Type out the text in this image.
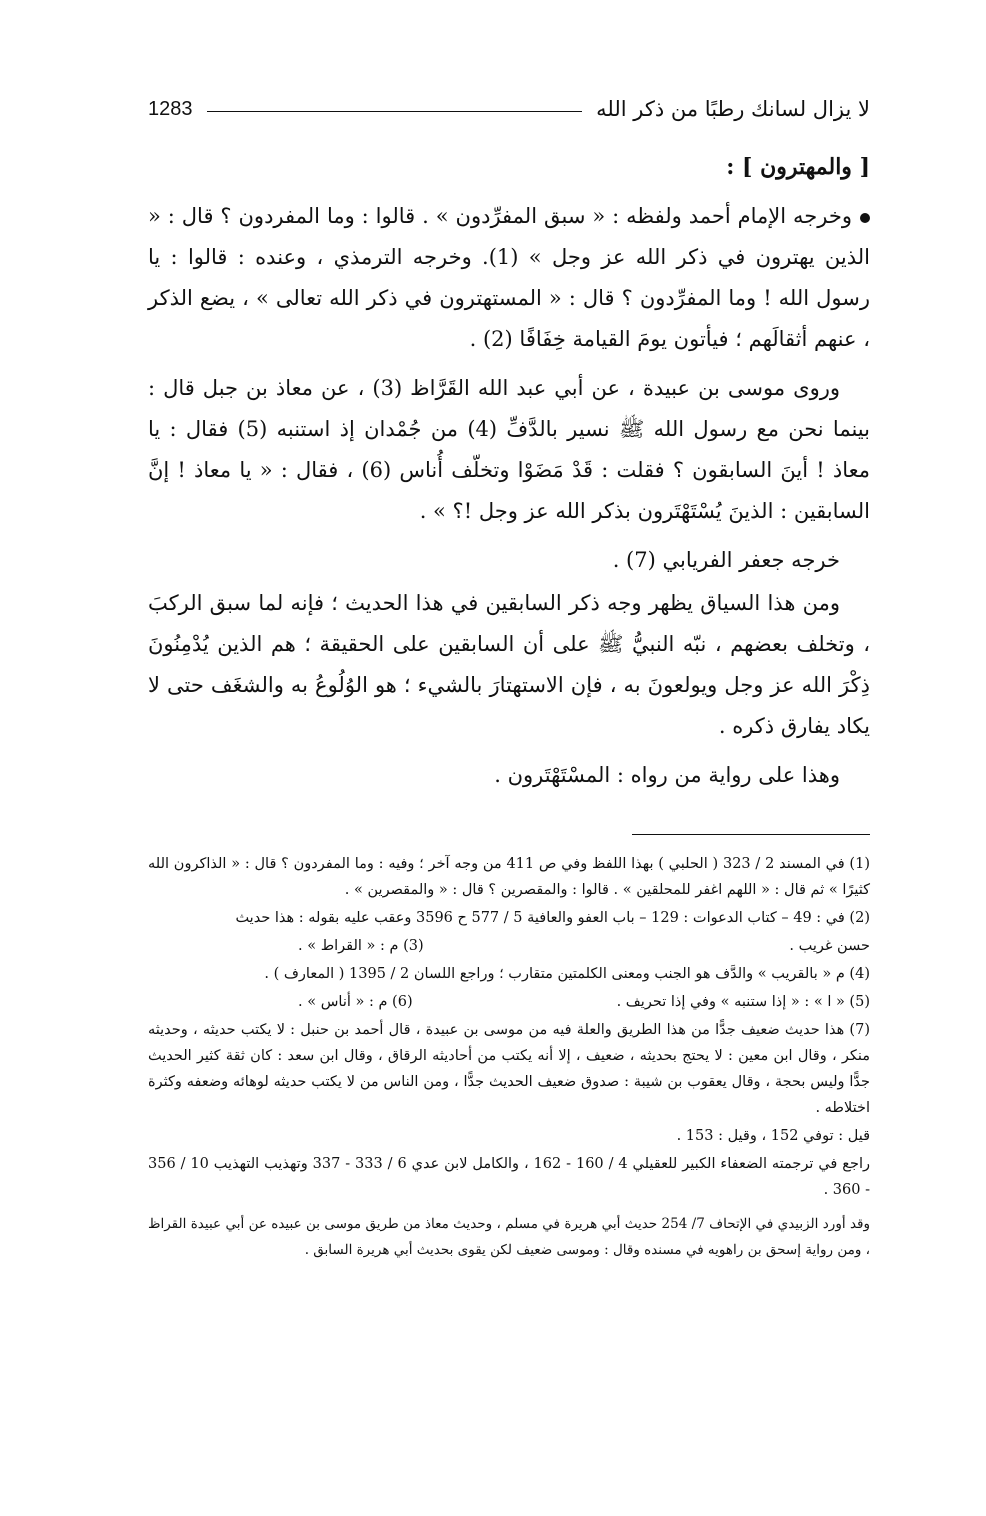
لا يزال لسانك رطبًا من ذكر الله
1283
[ والمهترون ] :

وخرجه الإمام أحمد ولفظه : « سبق المفرِّدون » . قالوا : وما المفردون ؟ قال : « الذين يهترون في ذكر الله عز وجل » (1). وخرجه الترمذي ، وعنده : قالوا : يا رسول الله ! وما المفرِّدون ؟ قال : « المستهترون في ذكر الله تعالى » ، يضع الذكر ، عنهم أثقالَهم ؛ فيأتون يومَ القيامة خِفَافًا (2) .

وروى موسى بن عبيدة ، عن أبي عبد الله القَرَّاظ (3) ، عن معاذ بن جبل قال : بينما نحن مع رسول الله ﷺ نسير بالدَّفِّ (4) من جُمْدان إذ استنبه (5) فقال : يا معاذ ! أينَ السابقون ؟ فقلت : قَدْ مَضَوْا وتخلّف أُناس (6) ، فقال : « يا معاذ ! إنَّ السابقين : الذينَ يُسْتَهْتَرون بذكر الله عز وجل !؟ » .

خرجه جعفر الفريابي (7) .

ومن هذا السياق يظهر وجه ذكر السابقين في هذا الحديث ؛ فإنه لما سبق الركبَ ، وتخلف بعضهم ، نبّه النبيُّ ﷺ على أن السابقين على الحقيقة ؛ هم الذين يُدْمِنُونَ ذِكْرَ الله عز وجل ويولعونَ به ، فإن الاستهتارَ بالشيء ؛ هو الوُلُوعُ به والشغَف حتى لا يكاد يفارق ذكره .

وهذا على رواية من رواه : المسْتَهْتَرون .

(1) في المسند 2 / 323 ( الحلبي ) بهذا اللفظ وفي ص 411 من وجه آخر ؛ وفيه : وما المفردون ؟ قال : « الذاكرون الله كثيرًا » ثم قال : « اللهم اغفر للمحلقين » . قالوا : والمقصرين ؟ قال : « والمقصرين » .

(2) في : 49 – كتاب الدعوات : 129 – باب العفو والعافية 5 / 577 ح 3596 وعقب عليه بقوله : هذا حديث

حسن غريب .
(3) م : « القراط » .

(4) م « بالقريب » والدَّف هو الجنب ومعنى الكلمتين متقارب ؛ وراجع اللسان 2 / 1395 ( المعارف ) .

(5) « ا » : « إذا ستنبه » وفي إذا تحريف .
(6) م : « أناس » .

(7) هذا حديث ضعيف جدًّا من هذا الطريق والعلة فيه من موسى بن عبيدة ، قال أحمد بن حنبل : لا يكتب حديثه ، وحديثه منكر ، وقال ابن معين : لا يحتج بحديثه ، ضعيف ، إلا أنه يكتب من أحاديثه الرقاق ، وقال ابن سعد : كان ثقة كثير الحديث جدًّا وليس بحجة ، وقال يعقوب بن شيبة : صدوق ضعيف الحديث جدًّا ، ومن الناس من لا يكتب حديثه لوهائه وضعفه وكثرة اختلاطه .

قيل : توفي 152 ، وقيل : 153 .

راجع في ترجمته الضعفاء الكبير للعقيلي 4 / 160 - 162 ، والكامل لابن عدي 6 / 333 - 337 وتهذيب التهذيب 10 / 356 - 360 .

وقد أورد الزبيدي في الإتحاف 7/ 254 حديث أبي هريرة في مسلم ، وحديث معاذ من طريق موسى بن عبيده عن أبي عبيدة القراظ ، ومن رواية إسحق بن راهويه في مسنده وقال : وموسى ضعيف لكن يقوى بحديث أبي هريرة السابق .
